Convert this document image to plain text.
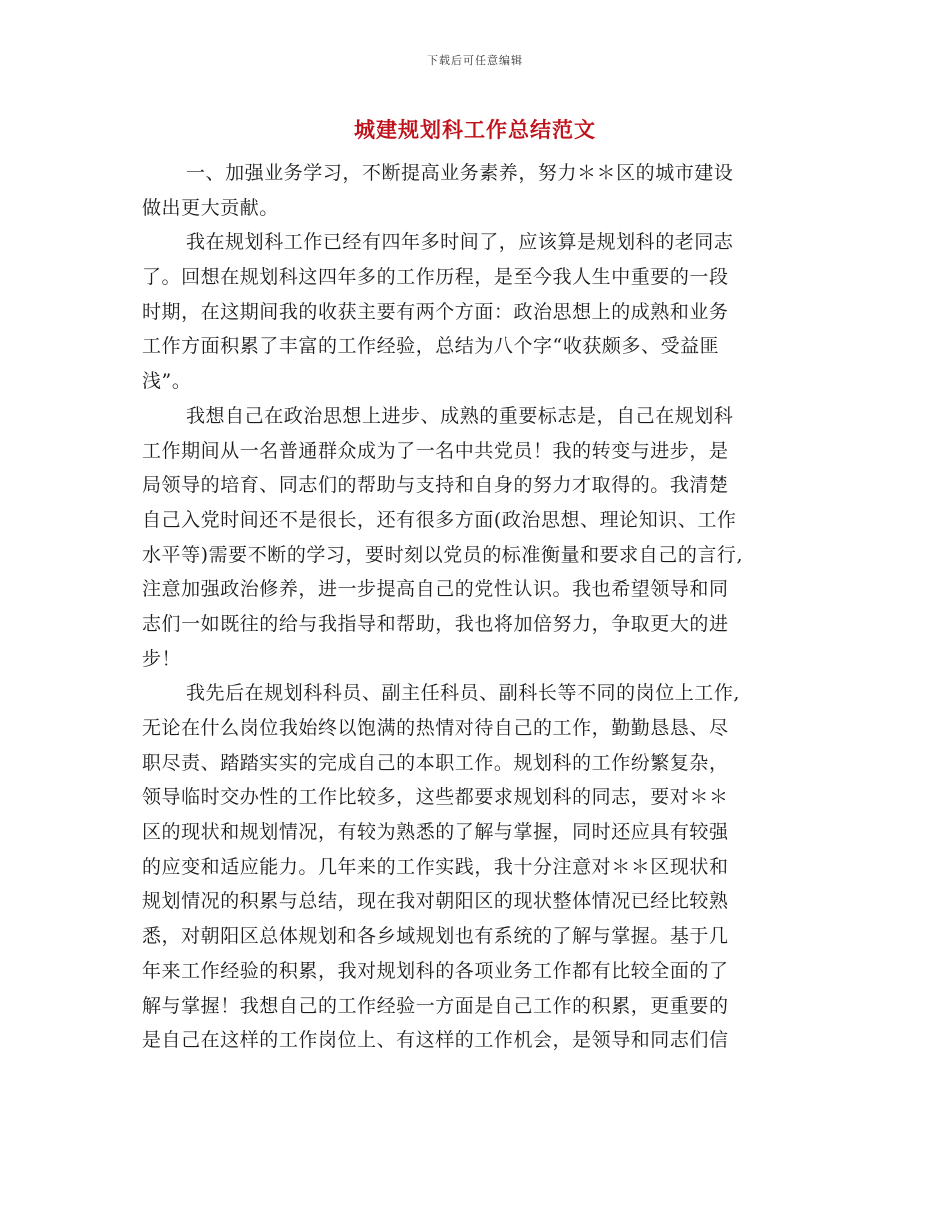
下载后可任意编辑
城建规划科工作总结范文
一、加强业务学习，不断提高业务素养，努力＊＊区的城市建设
做出更大贡献。
我在规划科工作已经有四年多时间了，应该算是规划科的老同志
了。回想在规划科这四年多的工作历程，是至今我人生中重要的一段
时期，在这期间我的收获主要有两个方面：政治思想上的成熟和业务
工作方面积累了丰富的工作经验，总结为八个字“收获颇多、受益匪
浅”。
我想自己在政治思想上进步、成熟的重要标志是，自己在规划科
工作期间从一名普通群众成为了一名中共党员！我的转变与进步，是
局领导的培育、同志们的帮助与支持和自身的努力才取得的。我清楚
自己入党时间还不是很长，还有很多方面(政治思想、理论知识、工作
水平等)需要不断的学习，要时刻以党员的标准衡量和要求自己的言行,
注意加强政治修养，进一步提高自己的党性认识。我也希望领导和同
志们一如既往的给与我指导和帮助，我也将加倍努力，争取更大的进
步！
我先后在规划科科员、副主任科员、副科长等不同的岗位上工作,
无论在什么岗位我始终以饱满的热情对待自己的工作，勤勤恳恳、尽
职尽责、踏踏实实的完成自己的本职工作。规划科的工作纷繁复杂，
领导临时交办性的工作比较多，这些都要求规划科的同志，要对＊＊
区的现状和规划情况，有较为熟悉的了解与掌握，同时还应具有较强
的应变和适应能力。几年来的工作实践，我十分注意对＊＊区现状和
规划情况的积累与总结，现在我对朝阳区的现状整体情况已经比较熟
悉，对朝阳区总体规划和各乡域规划也有系统的了解与掌握。基于几
年来工作经验的积累，我对规划科的各项业务工作都有比较全面的了
解与掌握！我想自己的工作经验一方面是自己工作的积累，更重要的
是自己在这样的工作岗位上、有这样的工作机会，是领导和同志们信
